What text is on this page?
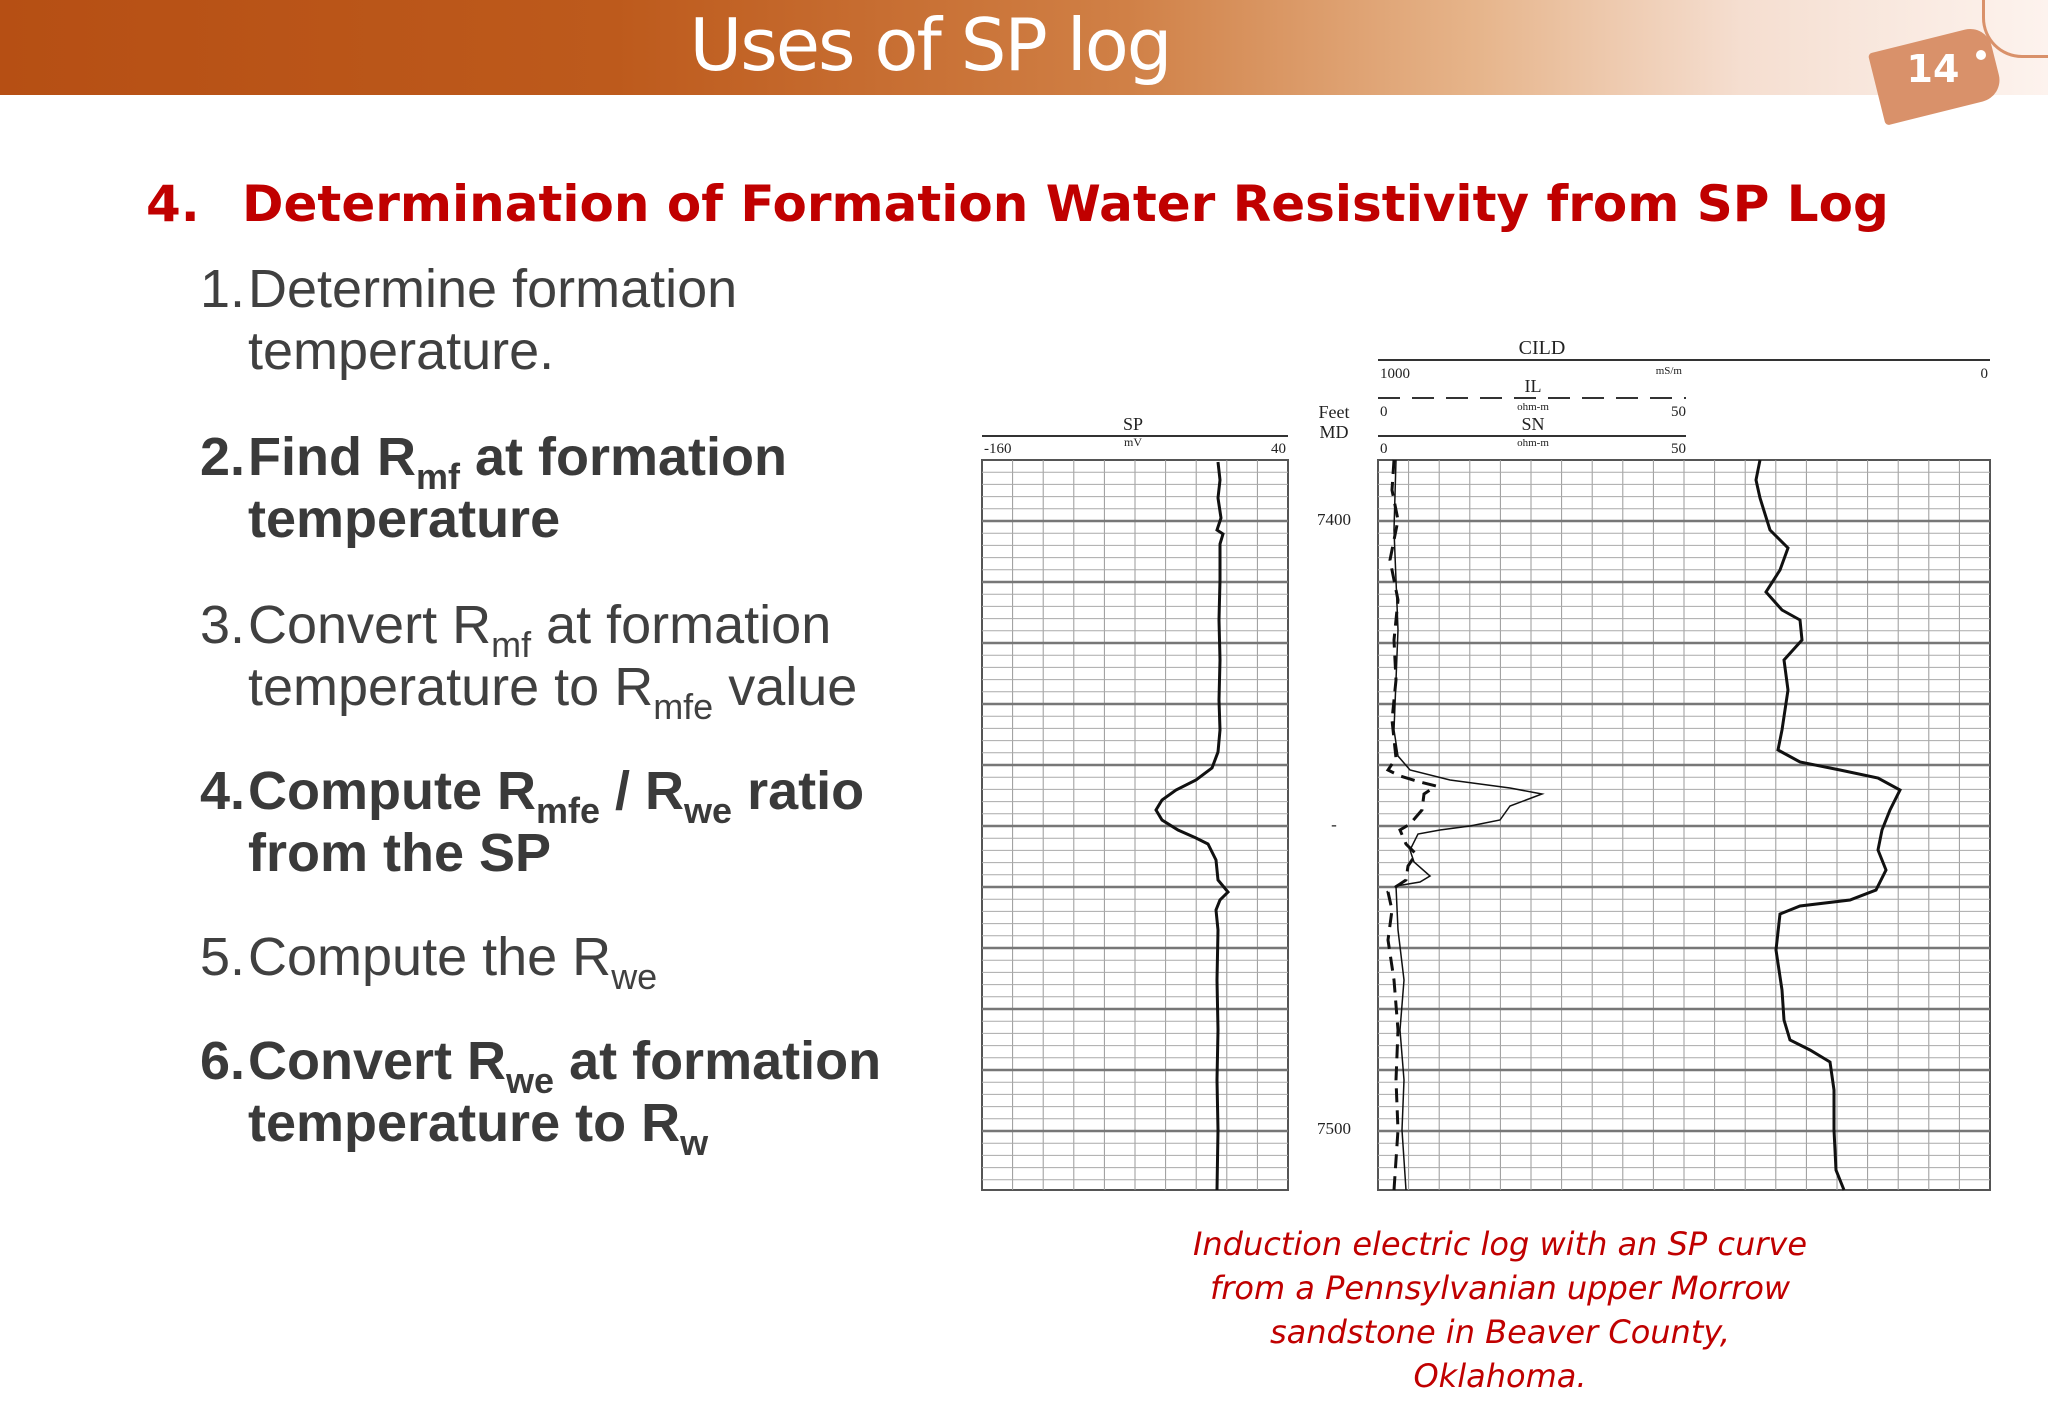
Uses of SP log	14
4. Determination of Formation Water Resistivity from SP Log
1.Determine formation
temperature.
2.Find $R_{mf}$ at formation
temperature
3.Convert $R_{mf}$ at formation
temperature to $R_{mfe}$ value
4.Compute $R_{mfe} / R_{we}$ ratio
from the SP
5.Compute the $R_{we}$
6.Convert $R_{we}$ at formation
temperature to $R_w$
SP
mV
-160	40
Feet
MD
CILD
1000	mS/m	0
IL
ohm-m
0	50
SN
ohm-m
0	50
7400
-
7500
Induction electric log with an SP curve
from a Pennsylvanian upper Morrow
sandstone in Beaver County, Oklahoma.
